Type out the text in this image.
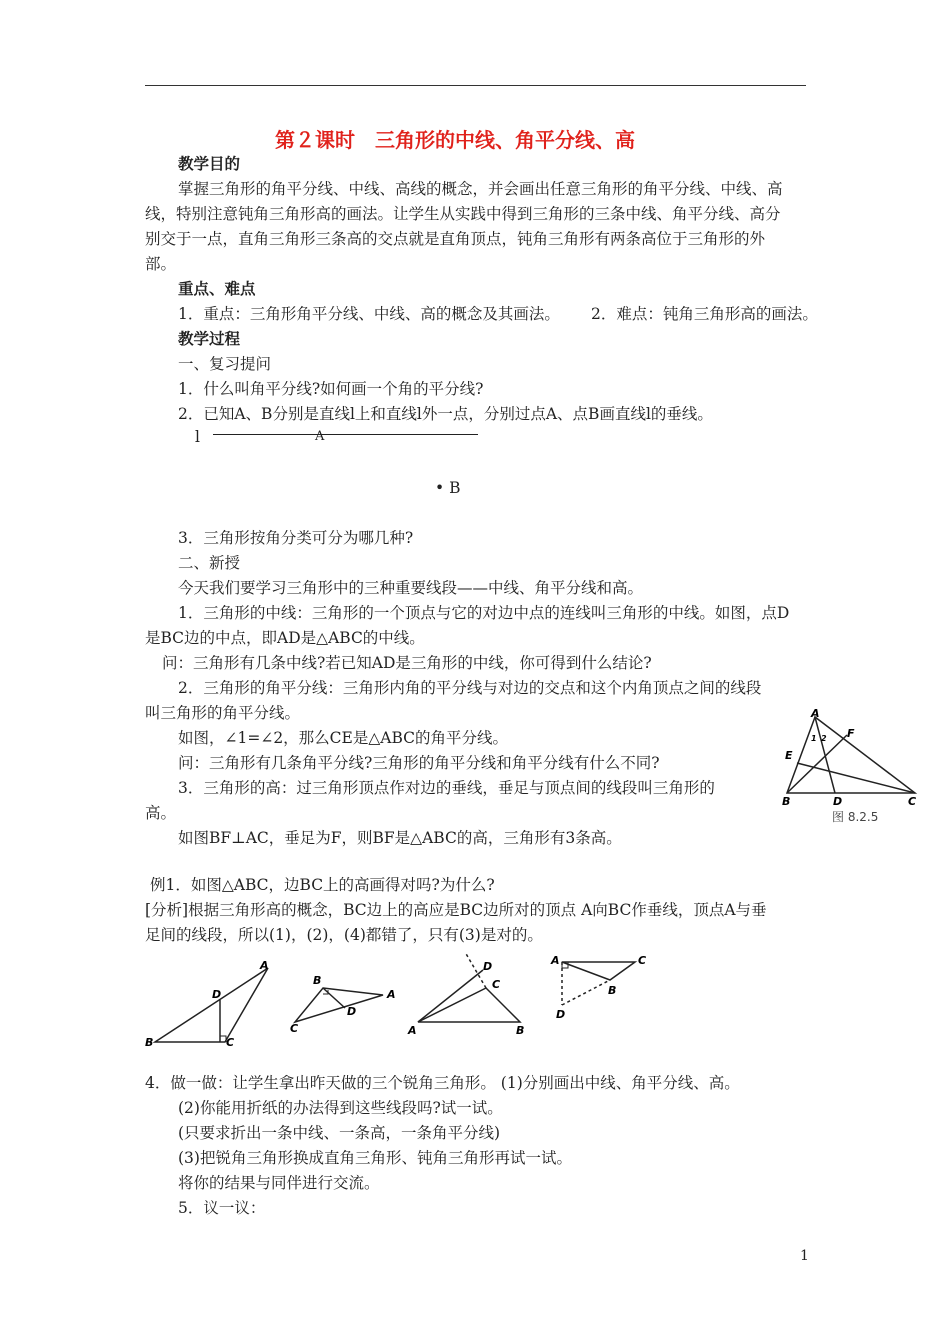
第２课时　三角形的中线、角平分线、高
教学目的
掌握三角形的角平分线、中线、高线的概念，并会画出任意三角形的角平分线、中线、高
线，特别注意钝角三角形高的画法。让学生从实践中得到三角形的三条中线、角平分线、高分
别交于一点，直角三角形三条高的交点就是直角顶点，钝角三角形有两条高位于三角形的外
部。
重点、难点
1．重点：三角形角平分线、中线、高的概念及其画法。 2．难点：钝角三角形高的画法。
教学过程
一、复习提问
1．什么叫角平分线?如何画一个角的平分线?
2．已知A、B分别是直线l上和直线l外一点，分别过点A、点B画直线l的垂线。
l	A
• B
3．三角形按角分类可分为哪几种?
二、新授
今天我们要学习三角形中的三种重要线段——中线、角平分线和高。
1．三角形的中线：三角形的一个顶点与它的对边中点的连线叫三角形的中线。如图，点D
是BC边的中点，即AD是△ABC的中线。
问：三角形有几条中线?若已知AD是三角形的中线，你可得到什么结论?
2．三角形的角平分线：三角形内角的平分线与对边的交点和这个内角顶点之间的线段
叫三角形的角平分线。
如图，∠1=∠2，那么CE是△ABC的角平分线。
问：三角形有几条角平分线?三角形的角平分线和角平分线有什么不同?
3．三角形的高：过三角形顶点作对边的垂线，垂足与顶点间的线段叫三角形的
高。
如图BF⊥AC，垂足为F，则BF是△ABC的高，三角形有3条高。
A
F
E
1 2
B	D	C
图 8.2.5
例1．如图△ABC，边BC上的高画得对吗?为什么?
[分析]根据三角形高的概念，BC边上的高应是BC边所对的顶点 A向BC作垂线，顶点A与垂
足间的线段，所以(1)，(2)，(4)都错了，只有(3)是对的。
A
D
B	C
B
A
D
C
D
C
A	B
A	C
B
D
4．做一做：让学生拿出昨天做的三个锐角三角形。 (1)分别画出中线、角平分线、高。
(2)你能用折纸的办法得到这些线段吗?试一试。
(只要求折出一条中线、一条高，一条角平分线)
(3)把锐角三角形换成直角三角形、钝角三角形再试一试。
将你的结果与同伴进行交流。
5．议一议：
1
